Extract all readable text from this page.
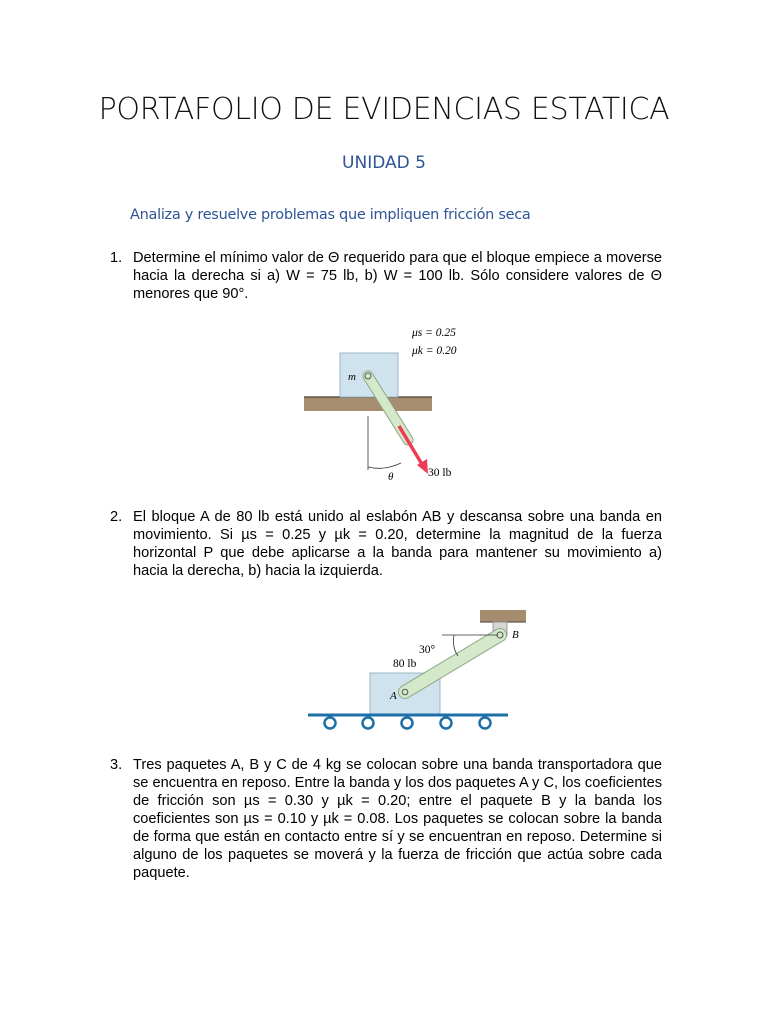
PORTAFOLIO DE EVIDENCIAS ESTATICA
UNIDAD 5
Analiza y resuelve problemas que impliquen fricción seca
1. Determine el mínimo valor de Θ requerido para que el bloque empiece a moverse hacia la derecha si a) W = 75 lb, b) W = 100 lb. Sólo considere valores de Θ menores que 90°.
μs = 0.25
μk = 0.20
m
30 lb
θ
2. El bloque A de 80 lb está unido al eslabón AB y descansa sobre una banda en movimiento. Si µs = 0.25 y µk = 0.20, determine la magnitud de la fuerza horizontal P que debe aplicarse a la banda para mantener su movimiento a) hacia la derecha, b) hacia la izquierda.
30°
80 lb
A
B
3. Tres paquetes A, B y C de 4 kg se colocan sobre una banda transportadora que se encuentra en reposo. Entre la banda y los dos paquetes A y C, los coeficientes de fricción son µs = 0.30 y µk = 0.20; entre el paquete B y la banda los coeficientes son µs = 0.10 y µk = 0.08. Los paquetes se colocan sobre la banda de forma que están en contacto entre sí y se encuentran en reposo. Determine si alguno de los paquetes se moverá y la fuerza de fricción que actúa sobre cada paquete.
